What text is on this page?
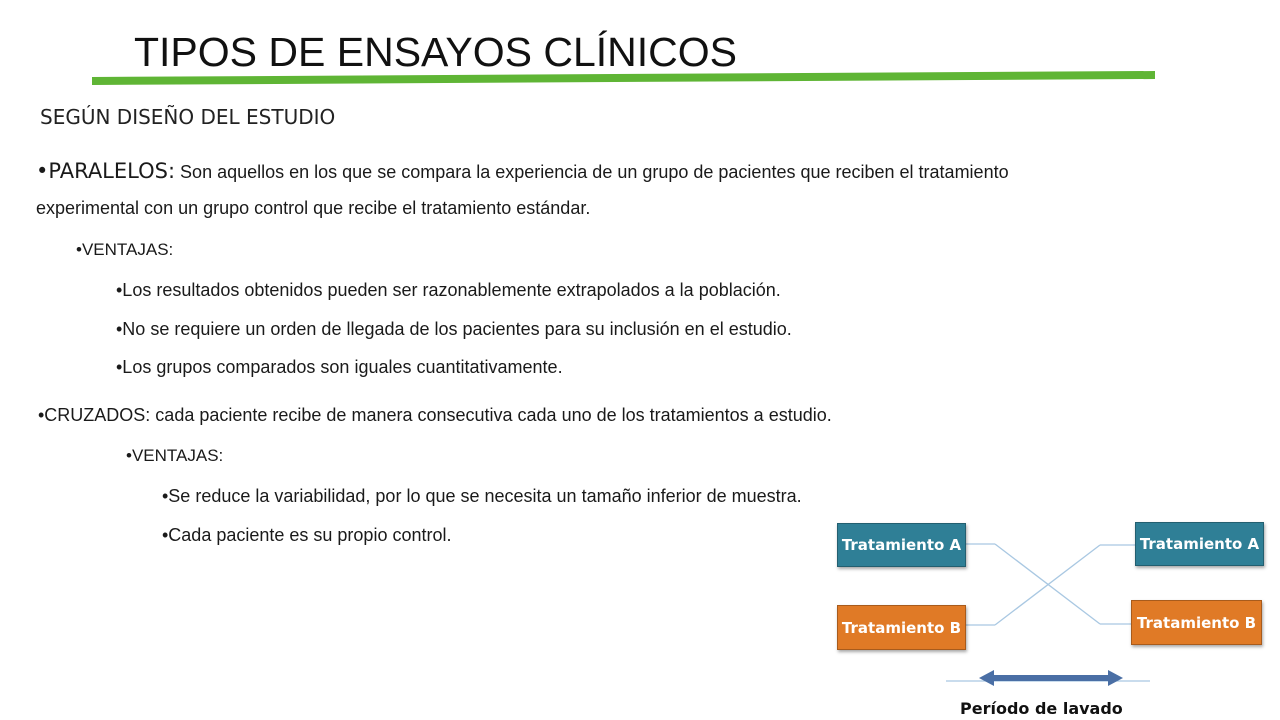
TIPOS DE ENSAYOS CLÍNICOS
SEGÚN DISEÑO DEL ESTUDIO
•PARALELOS: Son aquellos en los que se compara la experiencia de un grupo de pacientes que reciben el tratamiento
experimental con un grupo control que recibe el tratamiento estándar.
•VENTAJAS:
•Los resultados obtenidos pueden ser razonablemente extrapolados a la población.
•No se requiere un orden de llegada de los pacientes para su inclusión en el estudio.
•Los grupos comparados son iguales cuantitativamente.
•CRUZADOS: cada paciente recibe de manera consecutiva cada uno de los tratamientos a estudio.
•VENTAJAS:
•Se reduce la variabilidad, por lo que se necesita un tamaño inferior de muestra.
•Cada paciente es su propio control.	Tratamiento A
Tratamiento B
Tratamiento A
Tratamiento B
Período de lavado
